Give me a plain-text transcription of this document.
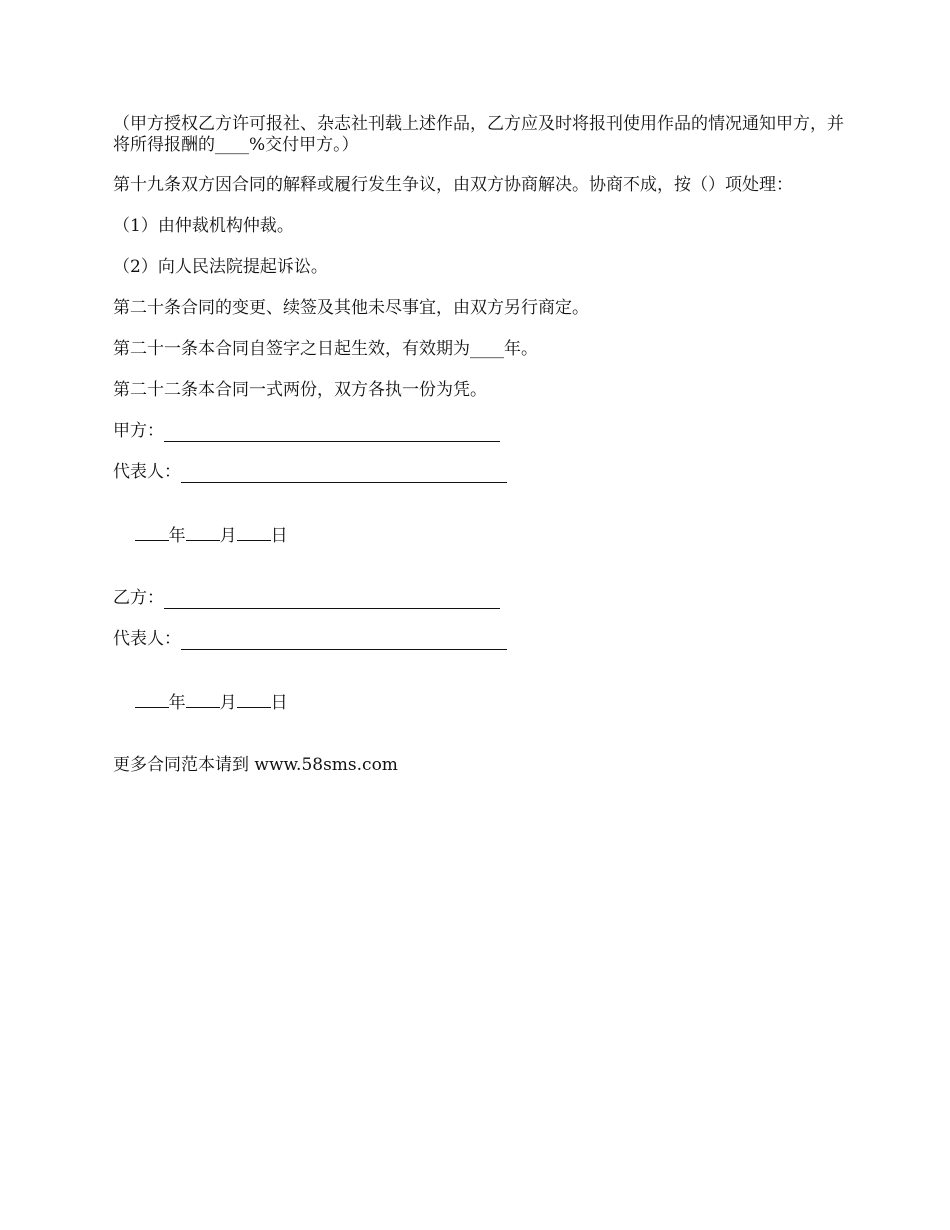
（甲方授权乙方许可报社、杂志社刊载上述作品，乙方应及时将报刊使用作品的情况通知甲方，并将所得报酬的____%交付甲方。）

第十九条双方因合同的解释或履行发生争议，由双方协商解决。协商不成，按（）项处理：

（1）由仲裁机构仲裁。

（2）向人民法院提起诉讼。

第二十条合同的变更、续签及其他未尽事宜，由双方另行商定。

第二十一条本合同自签字之日起生效，有效期为____年。

第二十二条本合同一式两份，双方各执一份为凭。

甲方：
代表人：

年 月 日

乙方：
代表人：

年 月 日

更多合同范本请到 www.58sms.com
